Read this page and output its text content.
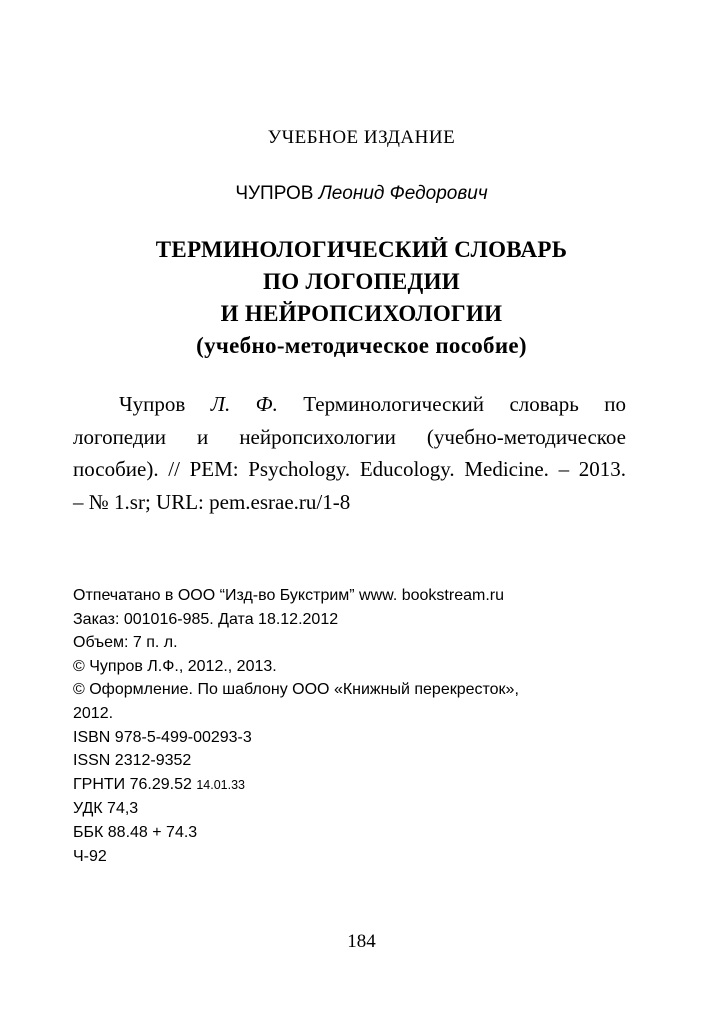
УЧЕБНОЕ ИЗДАНИЕ
ЧУПРОВ Леонид Федорович
ТЕРМИНОЛОГИЧЕСКИЙ СЛОВАРЬ
ПО ЛОГОПЕДИИ
И НЕЙРОПСИХОЛОГИИ
(учебно-методическое пособие)
Чупров Л. Ф. Терминологический словарь по
логопедии и нейропсихологии (учебно-методическое
пособие). // PEM: Psychology. Educology. Medicine. – 2013.
– № 1.sr; URL: pem.esrae.ru/1-8
Отпечатано в ООО “Изд-во Букстрим” www. bookstream.ru
Заказ: 001016-985. Дата 18.12.2012
Объем: 7 п. л.
© Чупров Л.Ф., 2012., 2013.
© Оформление. По шаблону ООО «Книжный перекресток»,
2012.
ISBN 978-5-499-00293-3
ISSN 2312-9352
ГРНТИ 76.29.52 14.01.33
УДК 74,3
ББК 88.48 + 74.3
Ч-92
184
